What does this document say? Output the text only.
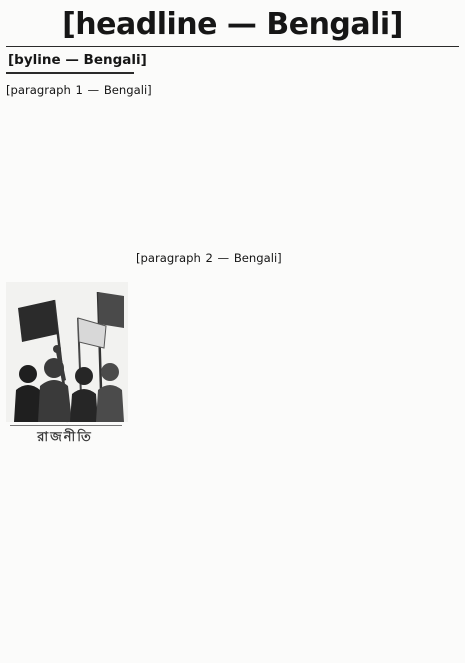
[headline — Bengali]
[byline — Bengali]

[paragraph 1 — Bengali]

রাজনীতি
[paragraph 2 — Bengali]
